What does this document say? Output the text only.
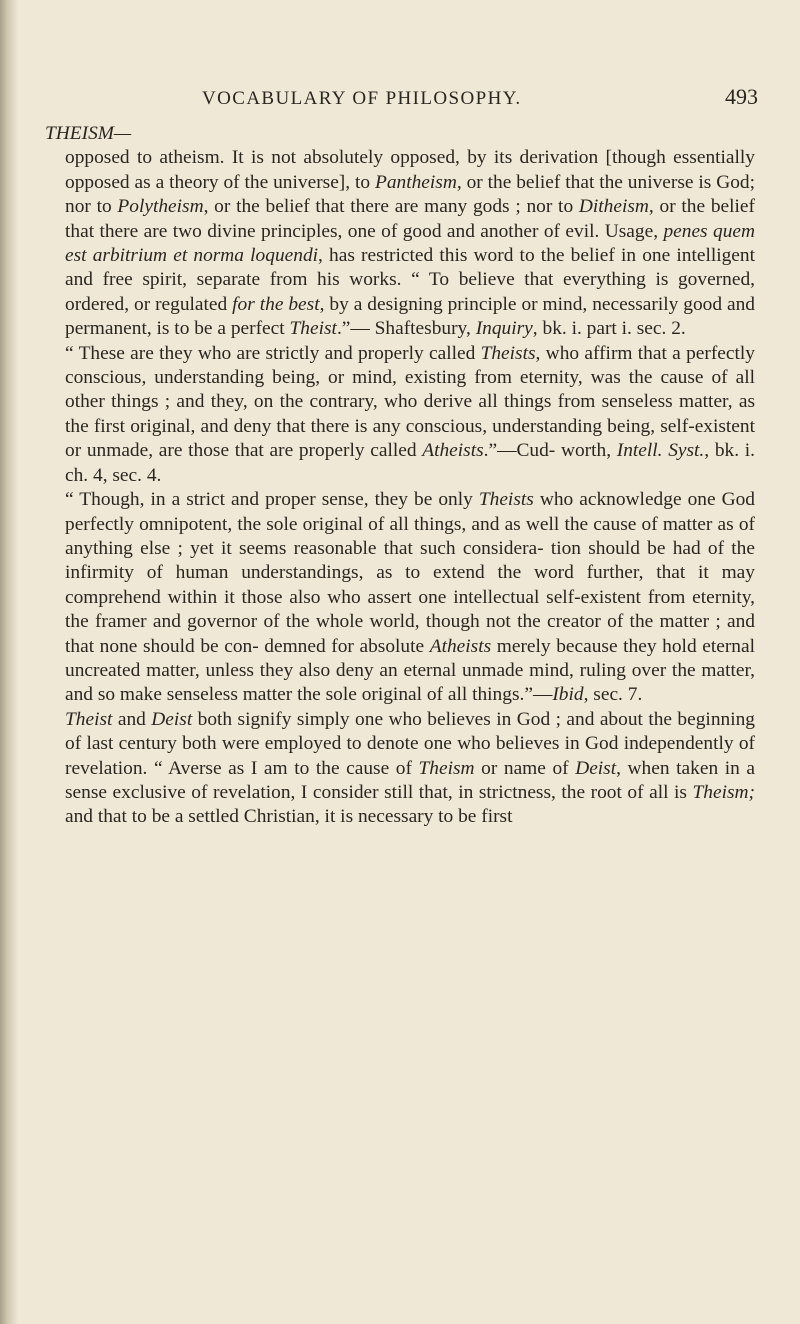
VOCABULARY OF PHILOSOPHY.	493
THEISM—

opposed to atheism. It is not absolutely opposed, by its derivation [though essentially opposed as a theory of the universe], to Pantheism, or the belief that the universe is God; nor to Polytheism, or the belief that there are many gods ; nor to Ditheism, or the belief that there are two divine principles, one of good and another of evil. Usage, penes quem est arbitrium et norma loquendi, has restricted this word to the belief in one intelligent and free spirit, separate from his works. “ To believe that everything is governed, ordered, or regulated for the best, by a designing principle or mind, necessarily good and permanent, is to be a perfect Theist.”— Shaftesbury, Inquiry, bk. i. part i. sec. 2.

“ These are they who are strictly and properly called Theists, who affirm that a perfectly conscious, understanding being, or mind, existing from eternity, was the cause of all other things ; and they, on the contrary, who derive all things from senseless matter, as the first original, and deny that there is any conscious, understanding being, self-existent or unmade, are those that are properly called Atheists.”—Cud- worth, Intell. Syst., bk. i. ch. 4, sec. 4.

“ Though, in a strict and proper sense, they be only Theists who acknowledge one God perfectly omnipotent, the sole original of all things, and as well the cause of matter as of anything else ; yet it seems reasonable that such considera- tion should be had of the infirmity of human understandings, as to extend the word further, that it may comprehend within it those also who assert one intellectual self-existent from eternity, the framer and governor of the whole world, though not the creator of the matter ; and that none should be con- demned for absolute Atheists merely because they hold eternal uncreated matter, unless they also deny an eternal unmade mind, ruling over the matter, and so make senseless matter the sole original of all things.”—Ibid, sec. 7.

Theist and Deist both signify simply one who believes in God ; and about the beginning of last century both were employed to denote one who believes in God independently of revelation. “ Averse as I am to the cause of Theism or name of Deist, when taken in a sense exclusive of revelation, I consider still that, in strictness, the root of all is Theism; and that to be a settled Christian, it is necessary to be first
